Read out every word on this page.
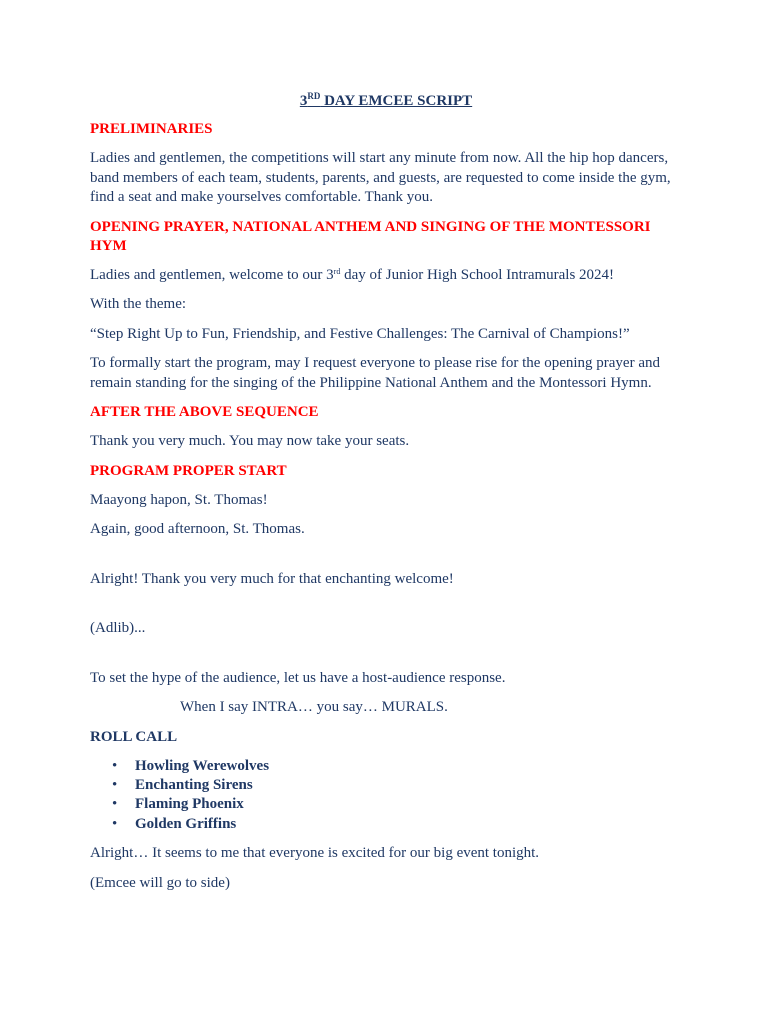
3RD DAY EMCEE SCRIPT
PRELIMINARIES

Ladies and gentlemen, the competitions will start any minute from now. All the hip hop dancers, band members of each team, students, parents, and guests, are requested to come inside the gym, find a seat and make yourselves comfortable. Thank you.

OPENING PRAYER, NATIONAL ANTHEM AND SINGING OF THE MONTESSORI HYM

Ladies and gentlemen, welcome to our 3rd day of Junior High School Intramurals 2024!

With the theme:

“Step Right Up to Fun, Friendship, and Festive Challenges: The Carnival of Champions!”

To formally start the program, may I request everyone to please rise for the opening prayer and remain standing for the singing of the Philippine National Anthem and the Montessori Hymn.

AFTER THE ABOVE SEQUENCE

Thank you very much. You may now take your seats.

PROGRAM PROPER START

Maayong hapon, St. Thomas!

Again, good afternoon, St. Thomas.

Alright! Thank you very much for that enchanting welcome!

(Adlib)...

To set the hype of the audience, let us have a host-audience response.

When I say INTRA… you say… MURALS.

ROLL CALL
• Howling Werewolves
• Enchanting Sirens
• Flaming Phoenix
• Golden Griffins

Alright… It seems to me that everyone is excited for our big event tonight.

(Emcee will go to side)
